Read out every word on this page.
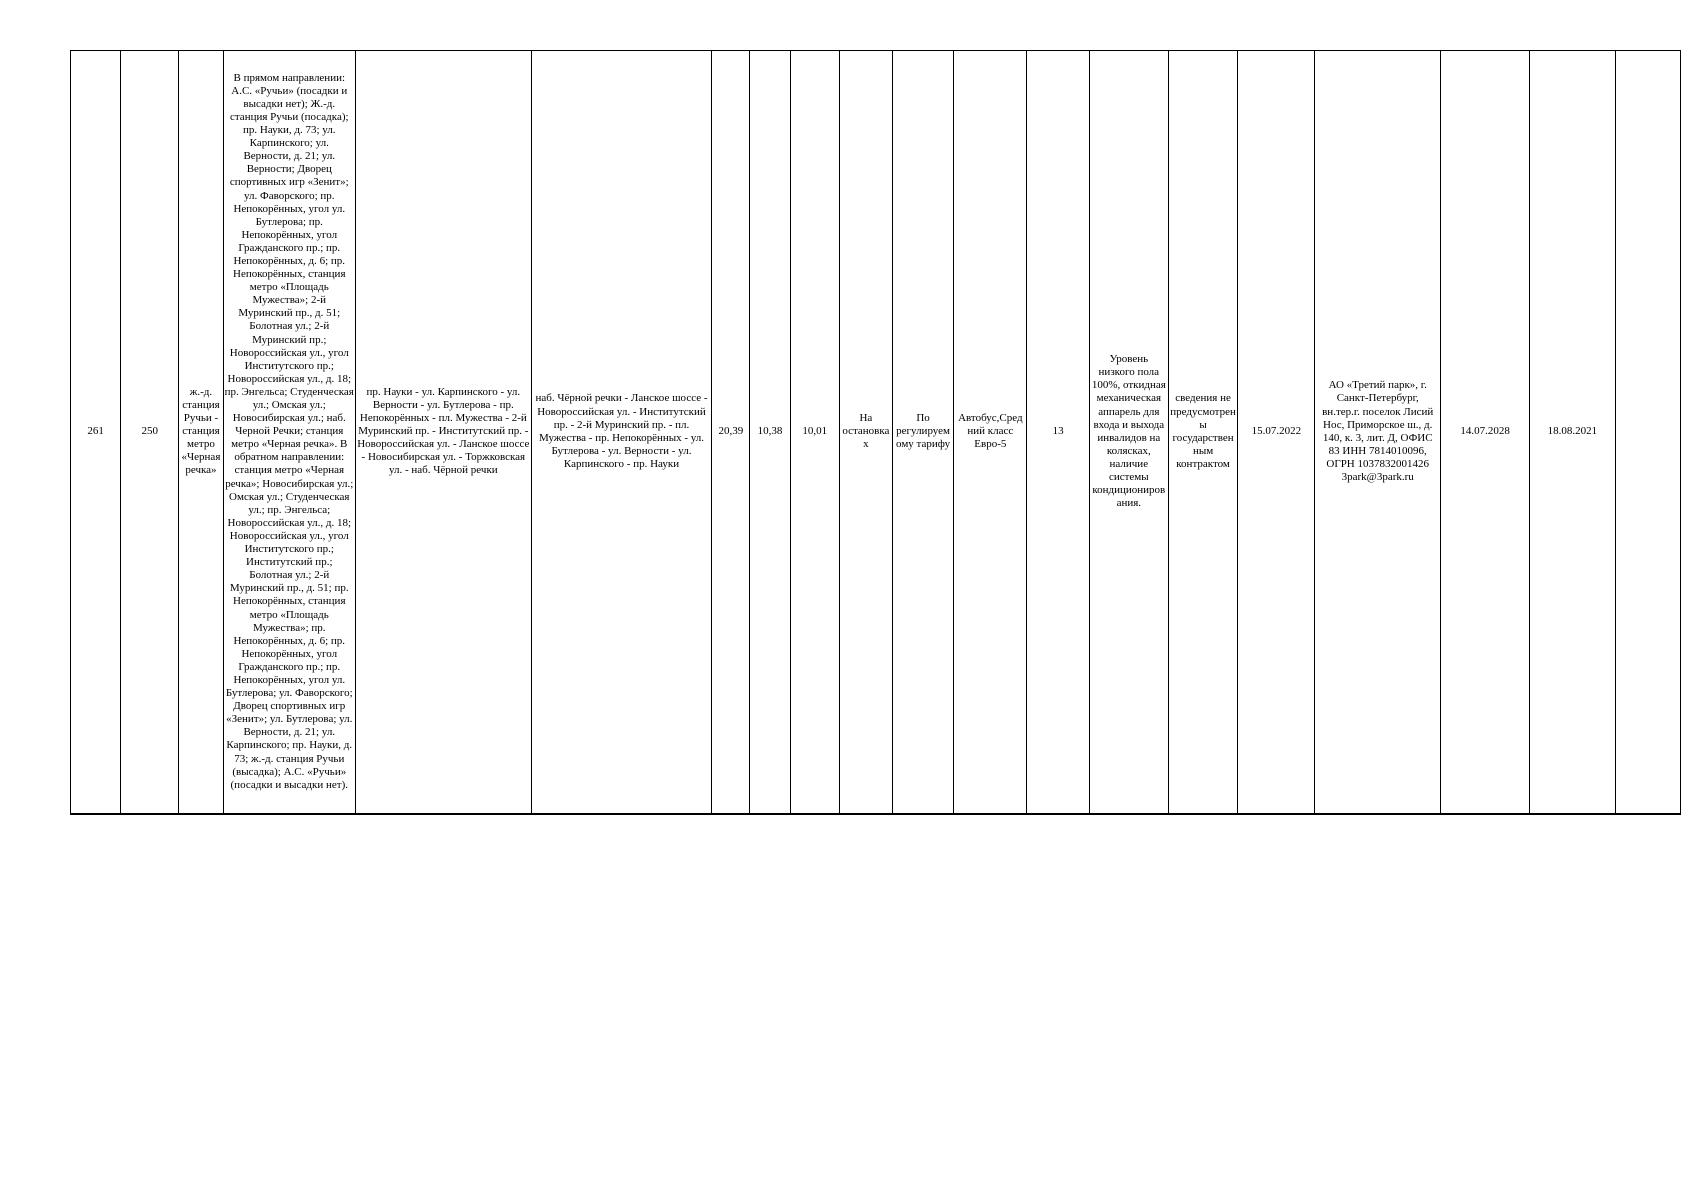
261	250	ж.-д. станция Ручьи - станция метро «Черная речка»	В прямом направлении: А.С. «Ручьи» (посадки и высадки нет); Ж.-д. станция Ручьи (посадка); пр. Науки, д. 73; ул. Карпинского; ул. Верности, д. 21; ул. Верности; Дворец спортивных игр «Зенит»; ул. Фаворского; пр. Непокорённых, угол ул. Бутлерова; пр. Непокорённых, угол Гражданского пр.; пр. Непокорённых, д. 6; пр. Непокорённых, станция метро «Площадь Мужества»; 2-й Муринский пр., д. 51; Болотная ул.; 2-й Муринский пр.; Новороссийская ул., угол Институтского пр.; Новороссийская ул., д. 18; пр. Энгельса; Студенческая ул.; Омская ул.; Новосибирская ул.; наб. Черной Речки; станция метро «Черная речка». В обратном направлении: станция метро «Черная речка»; Новосибирская ул.; Омская ул.; Студенческая ул.; пр. Энгельса; Новороссийская ул., д. 18; Новороссийская ул., угол Институтского пр.; Институтский пр.; Болотная ул.; 2-й Муринский пр., д. 51; пр. Непокорённых, станция метро «Площадь Мужества»; пр. Непокорённых, д. 6; пр. Непокорённых, угол Гражданского пр.; пр. Непокорённых, угол ул. Бутлерова; ул. Фаворского; Дворец спортивных игр «Зенит»; ул. Бутлерова; ул. Верности, д. 21; ул. Карпинского; пр. Науки, д. 73; ж.-д. станция Ручьи (высадка); А.С. «Ручьи» (посадки и высадки нет).	пр. Науки - ул. Карпинского - ул. Верности - ул. Бутлерова - пр. Непокорённых - пл. Мужества - 2-й Муринский пр. - Институтский пр. - Новороссийская ул. - Ланское шоссе - Новосибирская ул. - Торжковская ул. - наб. Чёрной речки	наб. Чёрной речки - Ланское шоссе - Новороссийская ул. - Институтский пр. - 2-й Муринский пр. - пл. Мужества - пр. Непокорённых - ул. Бутлерова - ул. Верности - ул. Карпинского - пр. Науки	20,39	10,38	10,01	На остановках	По регулируемому тарифу	Автобус,Средний класс Евро-5	13	Уровень низкого пола 100%, откидная механическая аппарель для входа и выхода инвалидов на колясках, наличие системы кондиционирования.	сведения не предусмотрены государственным контрактом	15.07.2022	АО «Третий парк», г. Санкт-Петербург, вн.тер.г. поселок Лисий Нос, Приморское ш., д. 140, к. 3, лит. Д, ОФИС 83 ИНН 7814010096, ОГРН 1037832001426 3park@3park.ru	14.07.2028	18.08.2021	
